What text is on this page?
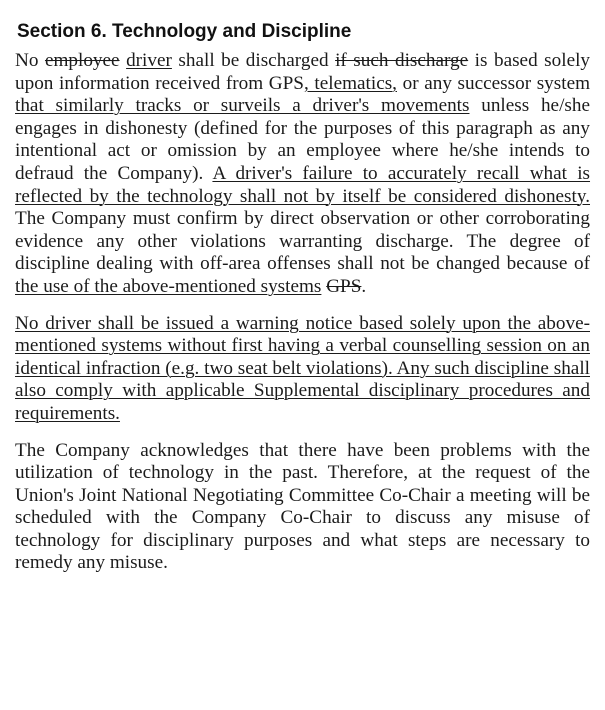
Section 6. Technology and Discipline

No employee driver shall be discharged if such discharge is based solely upon information received from GPS, telematics, or any successor system that similarly tracks or surveils a driver's movements unless he/she engages in dishonesty (defined for the purposes of this paragraph as any intentional act or omission by an employee where he/she intends to defraud the Company). A driver's failure to accurately recall what is reflected by the technology shall not by itself be considered dishonesty. The Company must confirm by direct observation or other corroborating evidence any other violations warranting discharge. The degree of discipline dealing with off-area offenses shall not be changed because of the use of the above-mentioned systems GPS.

No driver shall be issued a warning notice based solely upon the above-mentioned systems without first having a verbal counselling session on an identical infraction (e.g. two seat belt violations). Any such discipline shall also comply with applicable Supplemental disciplinary procedures and requirements.

The Company acknowledges that there have been problems with the utilization of technology in the past. Therefore, at the request of the Union's Joint National Negotiating Committee Co-Chair a meeting will be scheduled with the Company Co-Chair to discuss any misuse of technology for disciplinary purposes and what steps are necessary to remedy any misuse.
